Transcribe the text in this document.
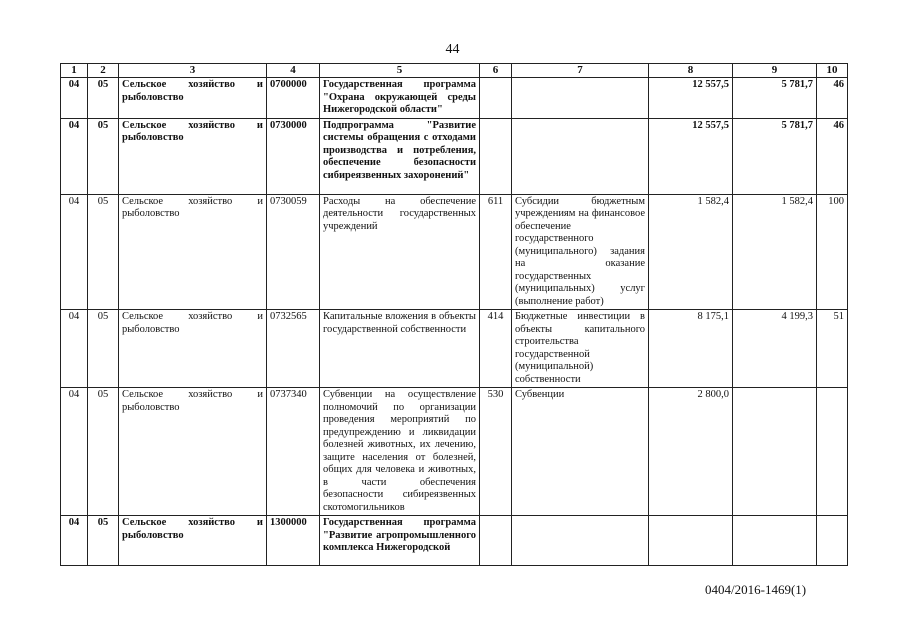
44
1	2	3	4	5	6	7	8	9	10
04	05	Сельское хозяйство и рыболовство	0700000	Государственная программа "Охрана окружающей среды Нижегородской области"			12 557,5	5 781,7	46
04	05	Сельское хозяйство и рыболовство	0730000	Подпрограмма "Развитие системы обращения с отходами производства и потребления, обеспечение безопасности сибиреязвенных захоронений"			12 557,5	5 781,7	46
04	05	Сельское хозяйство и рыболовство	0730059	Расходы на обеспечение деятельности государственных учреждений	611	Субсидии бюджетным учреждениям на финансовое обеспечение государственного (муниципального) задания на оказание государственных (муниципальных) услуг (выполнение работ)	1 582,4	1 582,4	100
04	05	Сельское хозяйство и рыболовство	0732565	Капитальные вложения в объекты государственной собственности	414	Бюджетные инвестиции в объекты капитального строительства государственной (муниципальной) собственности	8 175,1	4 199,3	51
04	05	Сельское хозяйство и рыболовство	0737340	Субвенции на осуществление полномочий по организации проведения мероприятий по предупреждению и ликвидации болезней животных, их лечению, защите населения от болезней, общих для человека и животных, в части обеспечения безопасности сибиреязвенных скотомогильников	530	Субвенции	2 800,0		
04	05	Сельское хозяйство и рыболовство	1300000	Государственная программа "Развитие агропромышленного комплекса Нижегородской					
0404/2016-1469(1)
